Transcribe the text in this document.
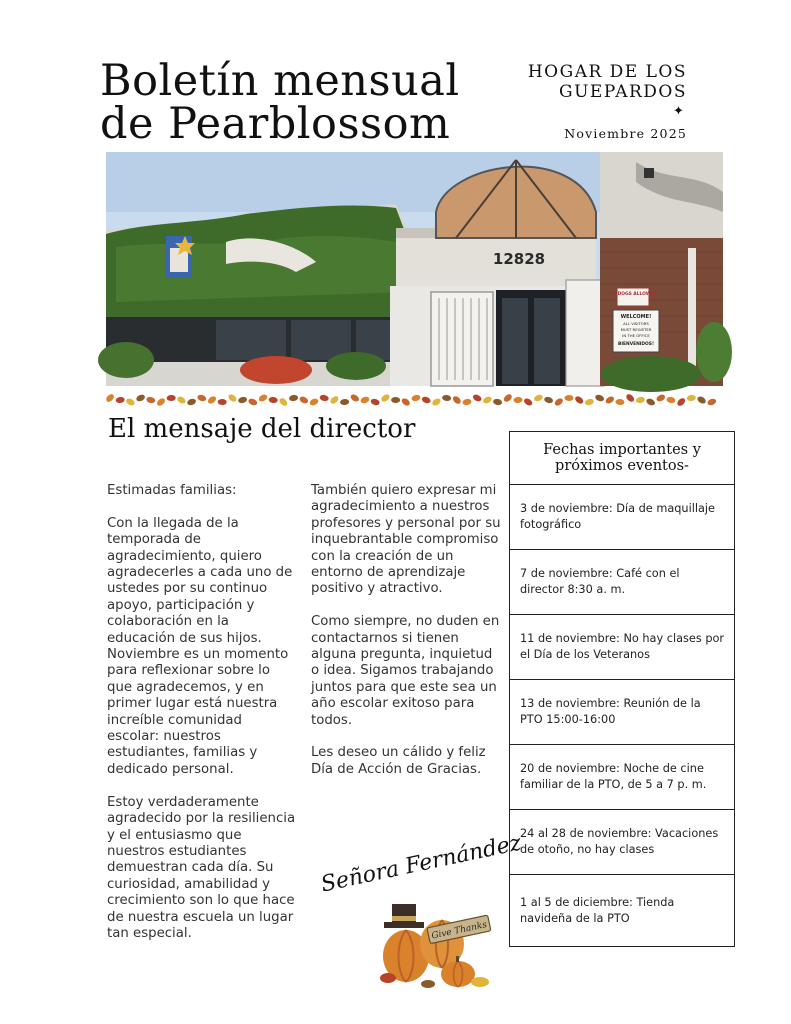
Boletín mensual
de Pearblossom
HOGAR DE LOS
GUEPARDOS
✦
Noviembre 2025
12828
NO DOGS ALLOWED
WELCOME!
ALL VISITORS
MUST REGISTER
IN THE OFFICE
BIENVENIDOS!
El mensaje del director

Estimadas familias:

Con la llegada de la temporada de agradecimiento, quiero agradecerles a cada uno de ustedes por su continuo apoyo, participación y colaboración en la educación de sus hijos. Noviembre es un momento para reflexionar sobre lo que agradecemos, y en primer lugar está nuestra increíble comunidad escolar: nuestros estudiantes, familias y dedicado personal.

Estoy verdaderamente agradecido por la resiliencia y el entusiasmo que nuestros estudiantes demuestran cada día. Su curiosidad, amabilidad y crecimiento son lo que hace de nuestra escuela un lugar tan especial.

También quiero expresar mi agradecimiento a nuestros profesores y personal por su inquebrantable compromiso con la creación de un entorno de aprendizaje positivo y atractivo.

Como siempre, no duden en contactarnos si tienen alguna pregunta, inquietud o idea. Sigamos trabajando juntos para que este sea un año escolar exitoso para todos.

Les deseo un cálido y feliz Día de Acción de Gracias.

Señora Fernández
Give Thanks
Fechas importantes y próximos eventos-
3 de noviembre: Día de maquillaje fotográfico
7 de noviembre: Café con el director 8:30 a. m.
11 de noviembre: No hay clases por el Día de los Veteranos
13 de noviembre: Reunión de la PTO 15:00-16:00
20 de noviembre: Noche de cine familiar de la PTO, de 5 a 7 p. m.
24 al 28 de noviembre: Vacaciones de otoño, no hay clases
1 al 5 de diciembre: Tienda navideña de la PTO
